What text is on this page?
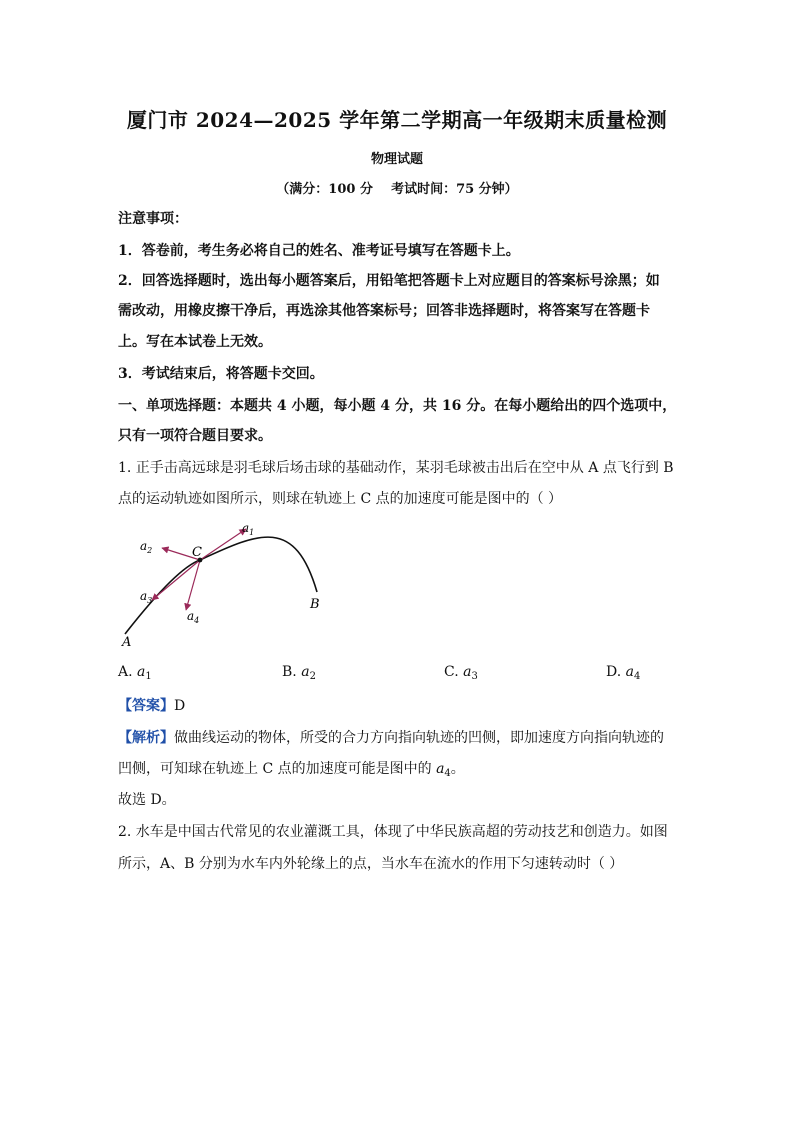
厦门市 2024—2025 学年第二学期高一年级期末质量检测
物理试题
（满分：100 分    考试时间：75 分钟）
注意事项：
1．答卷前，考生务必将自己的姓名、准考证号填写在答题卡上。
2．回答选择题时，选出每小题答案后，用铅笔把答题卡上对应题目的答案标号涂黑；如
需改动，用橡皮擦干净后，再选涂其他答案标号；回答非选择题时，将答案写在答题卡
上。写在本试卷上无效。
3．考试结束后，将答题卡交回。
一、单项选择题：本题共 4 小题，每小题 4 分，共 16 分。在每小题给出的四个选项中，
只有一项符合题目要求。
1. 正手击高远球是羽毛球后场击球的基础动作，某羽毛球被击出后在空中从 A 点飞行到 B
点的运动轨迹如图所示，则球在轨迹上 C 点的加速度可能是图中的（ ）
$a_1$
$a_2$
$a_3$
$a_4$
C
A
B
A. $a_1$	B. $a_2$	C. $a_3$	D. $a_4$
【答案】D
【解析】做曲线运动的物体，所受的合力方向指向轨迹的凹侧，即加速度方向指向轨迹的
凹侧，可知球在轨迹上 C 点的加速度可能是图中的 $a_4$。
故选 D。
2. 水车是中国古代常见的农业灌溉工具，体现了中华民族高超的劳动技艺和创造力。如图
所示，A、B 分别为水车内外轮缘上的点，当水车在流水的作用下匀速转动时（ ）
